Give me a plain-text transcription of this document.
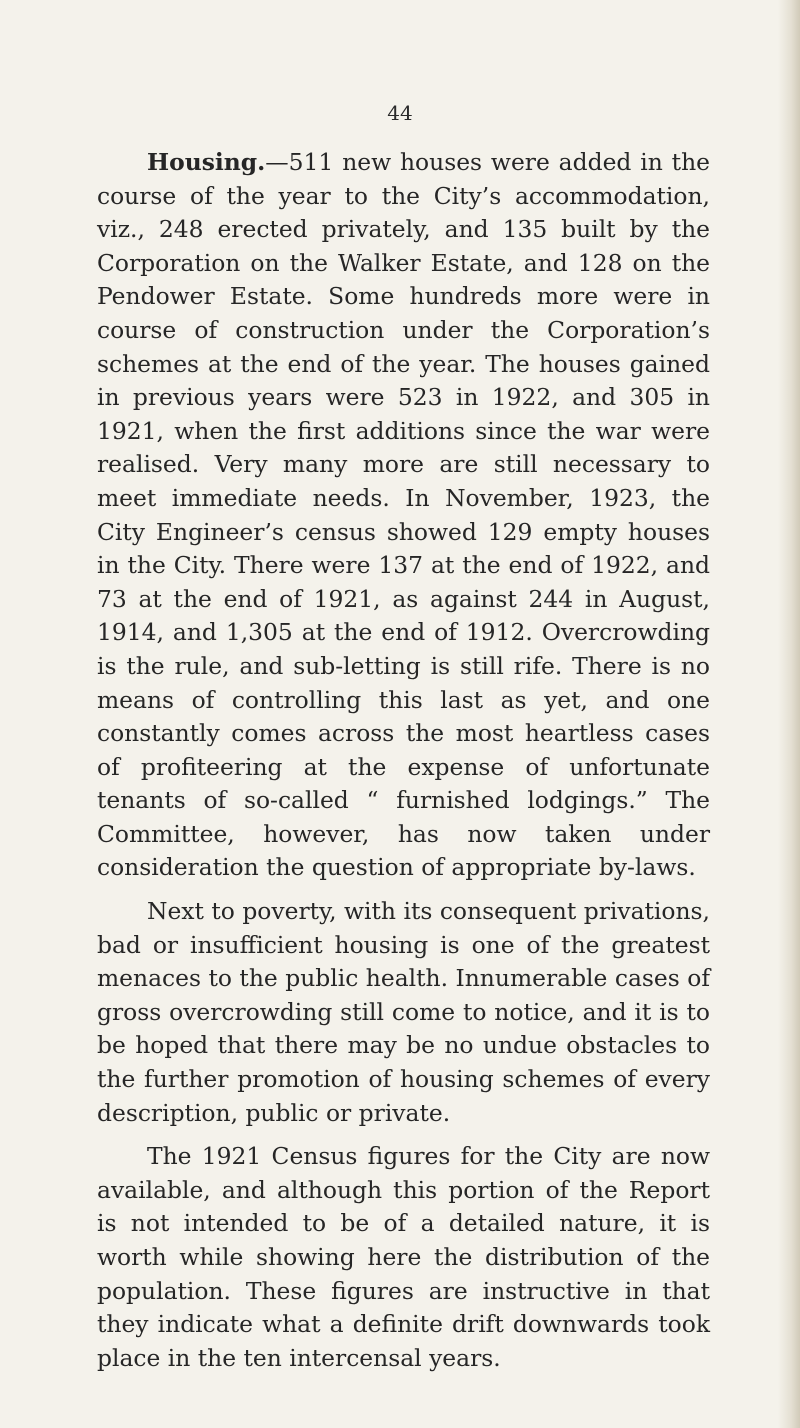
44

Housing.—511 new houses were added in the course of the year to the City’s accommodation, viz., 248 erected privately, and 135 built by the Corporation on the Walker Estate, and 128 on the Pendower Estate. Some hundreds more were in course of construction under the Corporation’s schemes at the end of the year. The houses gained in previous years were 523 in 1922, and 305 in 1921, when the first additions since the war were realised. Very many more are still necessary to meet immediate needs. In November, 1923, the City Engineer’s census showed 129 empty houses in the City. There were 137 at the end of 1922, and 73 at the end of 1921, as against 244 in August, 1914, and 1,305 at the end of 1912. Overcrowding is the rule, and sub-letting is still rife. There is no means of controlling this last as yet, and one constantly comes across the most heartless cases of profiteering at the expense of unfortunate tenants of so-called “ furnished lodgings.” The Committee, however, has now taken under consideration the question of appropriate by-laws.

Next to poverty, with its consequent privations, bad or insufficient housing is one of the greatest menaces to the public health. Innumerable cases of gross overcrowding still come to notice, and it is to be hoped that there may be no undue obstacles to the further promotion of housing schemes of every description, public or private.

The 1921 Census figures for the City are now available, and although this portion of the Report is not intended to be of a detailed nature, it is worth while showing here the distribution of the population. These figures are instructive in that they indicate what a definite drift downwards took place in the ten intercensal years.
